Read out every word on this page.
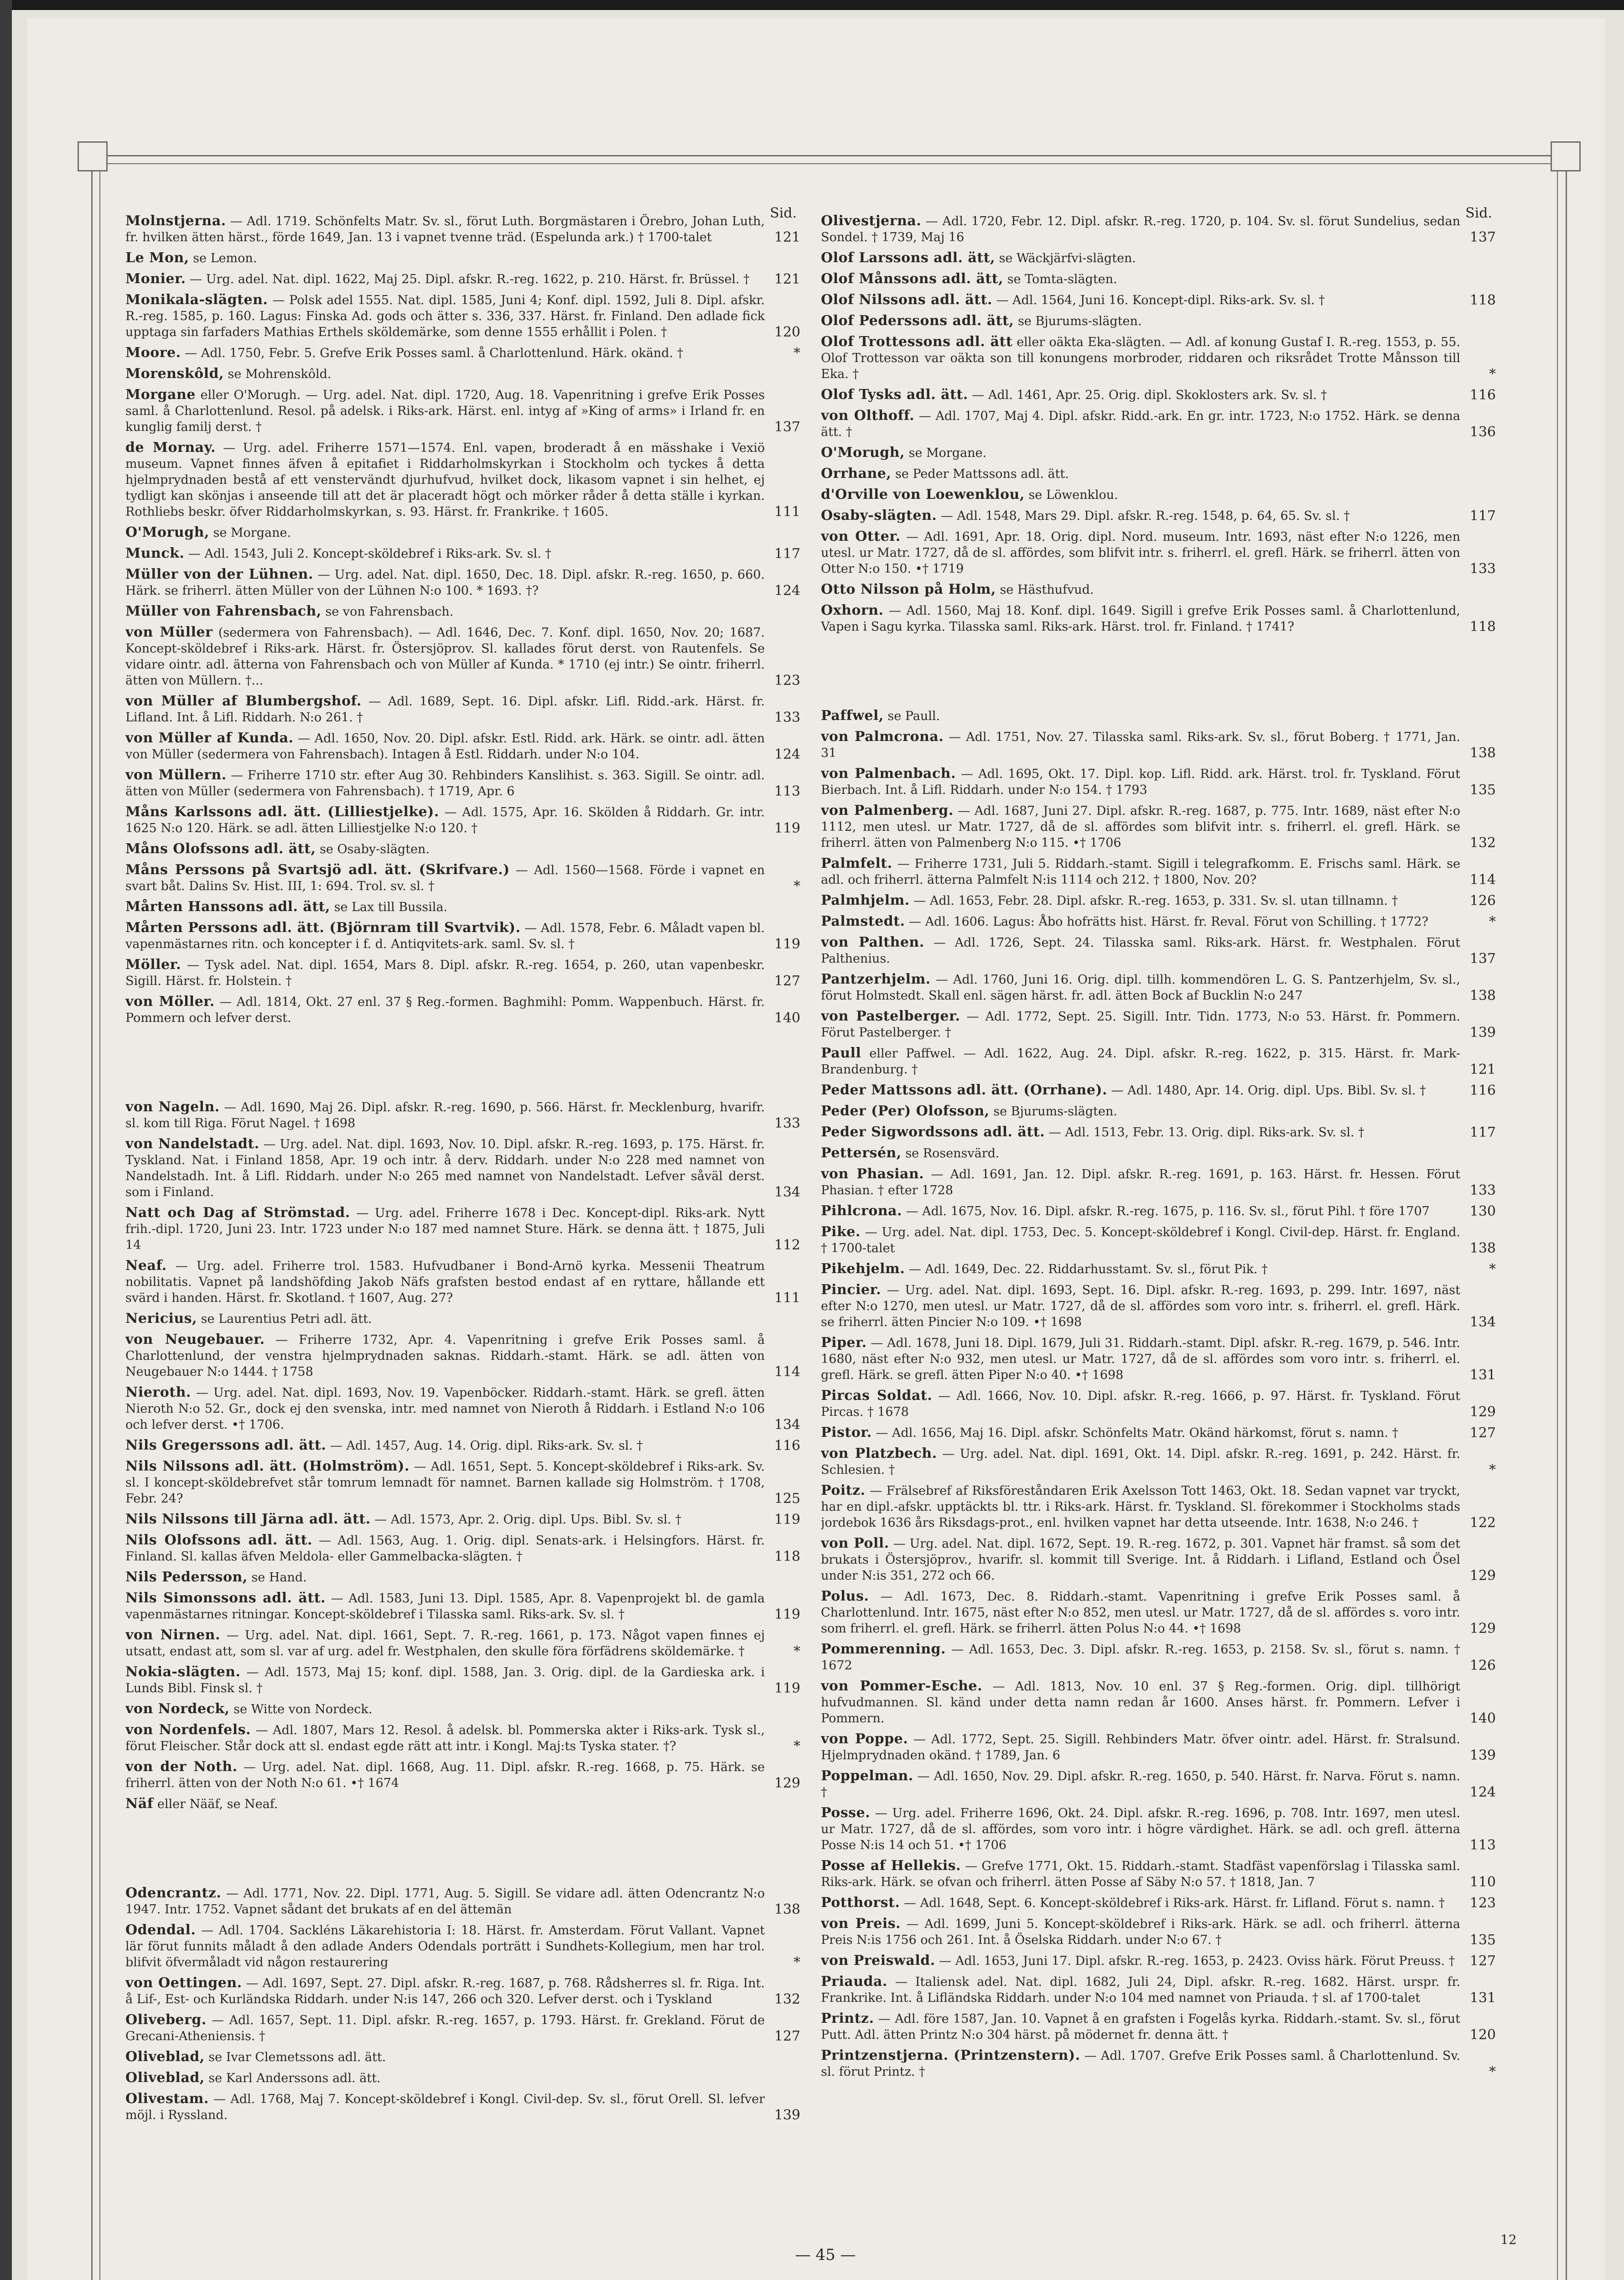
Sid.

Molnstjerna. — Adl. 1719. Schönfelts Matr. Sv. sl., förut Luth. Borgmästaren i Örebro, Johan Luth, fr. hvilken ätten härst., förde 1649, Jan. 13 i vapnet tvenne träd. (Espelunda ark.) † 1700-talet	121

Le Mon, se Lemon.

Monier. — Urg. adel. Nat. dipl. 1622, Maj 25. Dipl. afskr. R.-reg. 1622, p. 210. Härst. fr. Brüssel. †	121

Monikala-slägten. — Polsk adel 1555. Nat. dipl. 1585, Juni 4; Konf. dipl. 1592, Juli 8. Dipl. afskr. R.-reg. 1585, p. 160. Lagus: Finska Ad. gods och ätter s. 336, 337. Härst. fr. Finland. Den adlade fick upptaga sin farfaders Mathias Erthels sköldemärke, som denne 1555 erhållit i Polen. †	120

Moore. — Adl. 1750, Febr. 5. Grefve Erik Posses saml. å Charlottenlund. Härk. okänd. †	*

Morenskôld, se Mohrenskôld.

Morgane eller O'Morugh. — Urg. adel. Nat. dipl. 1720, Aug. 18. Vapenritning i grefve Erik Posses saml. å Charlottenlund. Resol. på adelsk. i Riks-ark. Härst. enl. intyg af »King of arms» i Irland fr. en kunglig familj derst. †	137

de Mornay. — Urg. adel. Friherre 1571—1574. Enl. vapen, broderadt å en mässhake i Vexiö museum. Vapnet finnes äfven å epitafiet i Riddarholmskyrkan i Stockholm och tyckes å detta hjelmprydnaden bestå af ett venstervändt djurhufvud, hvilket dock, likasom vapnet i sin helhet, ej tydligt kan skönjas i anseende till att det är placeradt högt och mörker råder å detta ställe i kyrkan. Rothliebs beskr. öfver Riddarholmskyrkan, s. 93. Härst. fr. Frankrike. † 1605.	111

O'Morugh, se Morgane.

Munck. — Adl. 1543, Juli 2. Koncept-sköldebref i Riks-ark. Sv. sl. †	117

Müller von der Lühnen. — Urg. adel. Nat. dipl. 1650, Dec. 18. Dipl. afskr. R.-reg. 1650, p. 660. Härk. se friherrl. ätten Müller von der Lühnen N:o 100. * 1693. †?	124

Müller von Fahrensbach, se von Fahrensbach.

von Müller (sedermera von Fahrensbach). — Adl. 1646, Dec. 7. Konf. dipl. 1650, Nov. 20; 1687. Koncept-sköldebref i Riks-ark. Härst. fr. Östersjöprov. Sl. kallades förut derst. von Rautenfels. Se vidare ointr. adl. ätterna von Fahrensbach och von Müller af Kunda. * 1710 (ej intr.) Se ointr. friherrl. ätten von Müllern. †...	123

von Müller af Blumbergshof. — Adl. 1689, Sept. 16. Dipl. afskr. Lifl. Ridd.-ark. Härst. fr. Lifland. Int. å Lifl. Riddarh. N:o 261. †	133

von Müller af Kunda. — Adl. 1650, Nov. 20. Dipl. afskr. Estl. Ridd. ark. Härk. se ointr. adl. ätten von Müller (sedermera von Fahrensbach). Intagen å Estl. Riddarh. under N:o 104.	124

von Müllern. — Friherre 1710 str. efter Aug 30. Rehbinders Kanslihist. s. 363. Sigill. Se ointr. adl. ätten von Müller (sedermera von Fahrensbach). † 1719, Apr. 6	113

Måns Karlssons adl. ätt. (Lilliestjelke). — Adl. 1575, Apr. 16. Skölden å Riddarh. Gr. intr. 1625 N:o 120. Härk. se adl. ätten Lilliestjelke N:o 120. †	119

Måns Olofssons adl. ätt, se Osaby-slägten.

Måns Perssons på Svartsjö adl. ätt. (Skrifvare.) — Adl. 1560—1568. Förde i vapnet en svart båt. Dalins Sv. Hist. III, 1: 694. Trol. sv. sl. †	*

Mårten Hanssons adl. ätt, se Lax till Bussila.

Mårten Perssons adl. ätt. (Björnram till Svartvik). — Adl. 1578, Febr. 6. Måladt vapen bl. vapenmästarnes ritn. och koncepter i f. d. Antiqvitets-ark. saml. Sv. sl. †	119

Möller. — Tysk adel. Nat. dipl. 1654, Mars 8. Dipl. afskr. R.-reg. 1654, p. 260, utan vapenbeskr. Sigill. Härst. fr. Holstein. †	127

von Möller. — Adl. 1814, Okt. 27 enl. 37 § Reg.-formen. Baghmihl: Pomm. Wappenbuch. Härst. fr. Pommern och lefver derst.	140

von Nageln. — Adl. 1690, Maj 26. Dipl. afskr. R.-reg. 1690, p. 566. Härst. fr. Mecklenburg, hvarifr. sl. kom till Riga. Förut Nagel. † 1698	133

von Nandelstadt. — Urg. adel. Nat. dipl. 1693, Nov. 10. Dipl. afskr. R.-reg. 1693, p. 175. Härst. fr. Tyskland. Nat. i Finland 1858, Apr. 19 och intr. å derv. Riddarh. under N:o 228 med namnet von Nandelstadh. Int. å Lifl. Riddarh. under N:o 265 med namnet von Nandelstadt. Lefver såväl derst. som i Finland.	134

Natt och Dag af Strömstad. — Urg. adel. Friherre 1678 i Dec. Koncept-dipl. Riks-ark. Nytt frih.-dipl. 1720, Juni 23. Intr. 1723 under N:o 187 med namnet Sture. Härk. se denna ätt. † 1875, Juli 14	112

Neaf. — Urg. adel. Friherre trol. 1583. Hufvudbaner i Bond-Arnö kyrka. Messenii Theatrum nobilitatis. Vapnet på landshöfding Jakob Näfs grafsten bestod endast af en ryttare, hållande ett svärd i handen. Härst. fr. Skotland. † 1607, Aug. 27?	111

Nericius, se Laurentius Petri adl. ätt.

von Neugebauer. — Friherre 1732, Apr. 4. Vapenritning i grefve Erik Posses saml. å Charlottenlund, der venstra hjelmprydnaden saknas. Riddarh.-stamt. Härk. se adl. ätten von Neugebauer N:o 1444. † 1758	114

Nieroth. — Urg. adel. Nat. dipl. 1693, Nov. 19. Vapenböcker. Riddarh.-stamt. Härk. se grefl. ätten Nieroth N:o 52. Gr., dock ej den svenska, intr. med namnet von Nieroth å Riddarh. i Estland N:o 106 och lefver derst. •† 1706.	134

Nils Gregerssons adl. ätt. — Adl. 1457, Aug. 14. Orig. dipl. Riks-ark. Sv. sl. †	116

Nils Nilssons adl. ätt. (Holmström). — Adl. 1651, Sept. 5. Koncept-sköldebref i Riks-ark. Sv. sl. I koncept-sköldebrefvet står tomrum lemnadt för namnet. Barnen kallade sig Holmström. † 1708, Febr. 24?	125

Nils Nilssons till Järna adl. ätt. — Adl. 1573, Apr. 2. Orig. dipl. Ups. Bibl. Sv. sl. †	119

Nils Olofssons adl. ätt. — Adl. 1563, Aug. 1. Orig. dipl. Senats-ark. i Helsingfors. Härst. fr. Finland. Sl. kallas äfven Meldola- eller Gammelbacka-slägten. †	118

Nils Pedersson, se Hand.

Nils Simonssons adl. ätt. — Adl. 1583, Juni 13. Dipl. 1585, Apr. 8. Vapenprojekt bl. de gamla vapenmästarnes ritningar. Koncept-sköldebref i Tilasska saml. Riks-ark. Sv. sl. †	119

von Nirnen. — Urg. adel. Nat. dipl. 1661, Sept. 7. R.-reg. 1661, p. 173. Något vapen finnes ej utsatt, endast att, som sl. var af urg. adel fr. Westphalen, den skulle föra förfädrens sköldemärke. †	*

Nokia-slägten. — Adl. 1573, Maj 15; konf. dipl. 1588, Jan. 3. Orig. dipl. de la Gardieska ark. i Lunds Bibl. Finsk sl. †	119

von Nordeck, se Witte von Nordeck.

von Nordenfels. — Adl. 1807, Mars 12. Resol. å adelsk. bl. Pommerska akter i Riks-ark. Tysk sl., förut Fleischer. Står dock att sl. endast egde rätt att intr. i Kongl. Maj:ts Tyska stater. †?	*

von der Noth. — Urg. adel. Nat. dipl. 1668, Aug. 11. Dipl. afskr. R.-reg. 1668, p. 75. Härk. se friherrl. ätten von der Noth N:o 61. •† 1674	129

Näf eller Nääf, se Neaf.

Odencrantz. — Adl. 1771, Nov. 22. Dipl. 1771, Aug. 5. Sigill. Se vidare adl. ätten Odencrantz N:o 1947. Intr. 1752. Vapnet sådant det brukats af en del ättemän	138

Odendal. — Adl. 1704. Sackléns Läkarehistoria I: 18. Härst. fr. Amsterdam. Förut Vallant. Vapnet lär förut funnits måladt å den adlade Anders Odendals porträtt i Sundhets-Kollegium, men har trol. blifvit öfvermåladt vid någon restaurering	*

von Oettingen. — Adl. 1697, Sept. 27. Dipl. afskr. R.-reg. 1687, p. 768. Rådsherres sl. fr. Riga. Int. å Lif-, Est- och Kurländska Riddarh. under N:is 147, 266 och 320. Lefver derst. och i Tyskland	132

Oliveberg. — Adl. 1657, Sept. 11. Dipl. afskr. R.-reg. 1657, p. 1793. Härst. fr. Grekland. Förut de Grecani-Atheniensis. †	127

Oliveblad, se Ivar Clemetssons adl. ätt.

Oliveblad, se Karl Anderssons adl. ätt.

Olivestam. — Adl. 1768, Maj 7. Koncept-sköldebref i Kongl. Civil-dep. Sv. sl., förut Orell. Sl. lefver möjl. i Ryssland.	139

Sid.

Olivestjerna. — Adl. 1720, Febr. 12. Dipl. afskr. R.-reg. 1720, p. 104. Sv. sl. förut Sundelius, sedan Sondel. † 1739, Maj 16	137

Olof Larssons adl. ätt, se Wäckjärfvi-slägten.

Olof Månssons adl. ätt, se Tomta-slägten.

Olof Nilssons adl. ätt. — Adl. 1564, Juni 16. Koncept-dipl. Riks-ark. Sv. sl. †	118

Olof Pederssons adl. ätt, se Bjurums-slägten.

Olof Trottessons adl. ätt eller oäkta Eka-slägten. — Adl. af konung Gustaf I. R.-reg. 1553, p. 55. Olof Trottesson var oäkta son till konungens morbroder, riddaren och riksrådet Trotte Månsson till Eka. †	*

Olof Tysks adl. ätt. — Adl. 1461, Apr. 25. Orig. dipl. Skoklosters ark. Sv. sl. †	116

von Olthoff. — Adl. 1707, Maj 4. Dipl. afskr. Ridd.-ark. En gr. intr. 1723, N:o 1752. Härk. se denna ätt. †	136

O'Morugh, se Morgane.

Orrhane, se Peder Mattssons adl. ätt.

d'Orville von Loewenklou, se Löwenklou.

Osaby-slägten. — Adl. 1548, Mars 29. Dipl. afskr. R.-reg. 1548, p. 64, 65. Sv. sl. †	117

von Otter. — Adl. 1691, Apr. 18. Orig. dipl. Nord. museum. Intr. 1693, näst efter N:o 1226, men utesl. ur Matr. 1727, då de sl. affördes, som blifvit intr. s. friherrl. el. grefl. Härk. se friherrl. ätten von Otter N:o 150. •† 1719	133

Otto Nilsson på Holm, se Hästhufvud.

Oxhorn. — Adl. 1560, Maj 18. Konf. dipl. 1649. Sigill i grefve Erik Posses saml. å Charlottenlund, Vapen i Sagu kyrka. Tilasska saml. Riks-ark. Härst. trol. fr. Finland. † 1741?	118

Paffwel, se Paull.

von Palmcrona. — Adl. 1751, Nov. 27. Tilasska saml. Riks-ark. Sv. sl., förut Boberg. † 1771, Jan. 31	138

von Palmenbach. — Adl. 1695, Okt. 17. Dipl. kop. Lifl. Ridd. ark. Härst. trol. fr. Tyskland. Förut Bierbach. Int. å Lifl. Riddarh. under N:o 154. † 1793	135

von Palmenberg. — Adl. 1687, Juni 27. Dipl. afskr. R.-reg. 1687, p. 775. Intr. 1689, näst efter N:o 1112, men utesl. ur Matr. 1727, då de sl. affördes som blifvit intr. s. friherrl. el. grefl. Härk. se friherrl. ätten von Palmenberg N:o 115. •† 1706	132

Palmfelt. — Friherre 1731, Juli 5. Riddarh.-stamt. Sigill i telegrafkomm. E. Frischs saml. Härk. se adl. och friherrl. ätterna Palmfelt N:is 1114 och 212. † 1800, Nov. 20?	114

Palmhjelm. — Adl. 1653, Febr. 28. Dipl. afskr. R.-reg. 1653, p. 331. Sv. sl. utan tillnamn. †	126

Palmstedt. — Adl. 1606. Lagus: Åbo hofrätts hist. Härst. fr. Reval. Förut von Schilling. † 1772?	*

von Palthen. — Adl. 1726, Sept. 24. Tilasska saml. Riks-ark. Härst. fr. Westphalen. Förut Palthenius.	137

Pantzerhjelm. — Adl. 1760, Juni 16. Orig. dipl. tillh. kommendören L. G. S. Pantzerhjelm, Sv. sl., förut Holmstedt. Skall enl. sägen härst. fr. adl. ätten Bock af Bucklin N:o 247	138

von Pastelberger. — Adl. 1772, Sept. 25. Sigill. Intr. Tidn. 1773, N:o 53. Härst. fr. Pommern. Förut Pastelberger. †	139

Paull eller Paffwel. — Adl. 1622, Aug. 24. Dipl. afskr. R.-reg. 1622, p. 315. Härst. fr. Mark-Brandenburg. †	121

Peder Mattssons adl. ätt. (Orrhane). — Adl. 1480, Apr. 14. Orig. dipl. Ups. Bibl. Sv. sl. †	116

Peder (Per) Olofsson, se Bjurums-slägten.

Peder Sigwordssons adl. ätt. — Adl. 1513, Febr. 13. Orig. dipl. Riks-ark. Sv. sl. †	117

Pettersén, se Rosensvärd.

von Phasian. — Adl. 1691, Jan. 12. Dipl. afskr. R.-reg. 1691, p. 163. Härst. fr. Hessen. Förut Phasian. † efter 1728	133

Pihlcrona. — Adl. 1675, Nov. 16. Dipl. afskr. R.-reg. 1675, p. 116. Sv. sl., förut Pihl. † före 1707	130

Pike. — Urg. adel. Nat. dipl. 1753, Dec. 5. Koncept-sköldebref i Kongl. Civil-dep. Härst. fr. England. † 1700-talet	138

Pikehjelm. — Adl. 1649, Dec. 22. Riddarhusstamt. Sv. sl., förut Pik. †	*

Pincier. — Urg. adel. Nat. dipl. 1693, Sept. 16. Dipl. afskr. R.-reg. 1693, p. 299. Intr. 1697, näst efter N:o 1270, men utesl. ur Matr. 1727, då de sl. affördes som voro intr. s. friherrl. el. grefl. Härk. se friherrl. ätten Pincier N:o 109. •† 1698	134

Piper. — Adl. 1678, Juni 18. Dipl. 1679, Juli 31. Riddarh.-stamt. Dipl. afskr. R.-reg. 1679, p. 546. Intr. 1680, näst efter N:o 932, men utesl. ur Matr. 1727, då de sl. affördes som voro intr. s. friherrl. el. grefl. Härk. se grefl. ätten Piper N:o 40. •† 1698	131

Pircas Soldat. — Adl. 1666, Nov. 10. Dipl. afskr. R.-reg. 1666, p. 97. Härst. fr. Tyskland. Förut Pircas. † 1678	129

Pistor. — Adl. 1656, Maj 16. Dipl. afskr. Schönfelts Matr. Okänd härkomst, förut s. namn. †	127

von Platzbech. — Urg. adel. Nat. dipl. 1691, Okt. 14. Dipl. afskr. R.-reg. 1691, p. 242. Härst. fr. Schlesien. †	*

Poitz. — Frälsebref af Riksföreståndaren Erik Axelsson Tott 1463, Okt. 18. Sedan vapnet var tryckt, har en dipl.-afskr. upptäckts bl. ttr. i Riks-ark. Härst. fr. Tyskland. Sl. förekommer i Stockholms stads jordebok 1636 års Riksdags-prot., enl. hvilken vapnet har detta utseende. Intr. 1638, N:o 246. †	122

von Poll. — Urg. adel. Nat. dipl. 1672, Sept. 19. R.-reg. 1672, p. 301. Vapnet här framst. så som det brukats i Östersjöprov., hvarifr. sl. kommit till Sverige. Int. å Riddarh. i Lifland, Estland och Ösel under N:is 351, 272 och 66.	129

Polus. — Adl. 1673, Dec. 8. Riddarh.-stamt. Vapenritning i grefve Erik Posses saml. å Charlottenlund. Intr. 1675, näst efter N:o 852, men utesl. ur Matr. 1727, då de sl. affördes s. voro intr. som friherrl. el. grefl. Härk. se friherrl. ätten Polus N:o 44. •† 1698	129

Pommerenning. — Adl. 1653, Dec. 3. Dipl. afskr. R.-reg. 1653, p. 2158. Sv. sl., förut s. namn. † 1672	126

von Pommer-Esche. — Adl. 1813, Nov. 10 enl. 37 § Reg.-formen. Orig. dipl. tillhörigt hufvudmannen. Sl. känd under detta namn redan år 1600. Anses härst. fr. Pommern. Lefver i Pommern.	140

von Poppe. — Adl. 1772, Sept. 25. Sigill. Rehbinders Matr. öfver ointr. adel. Härst. fr. Stralsund. Hjelmprydnaden okänd. † 1789, Jan. 6	139

Poppelman. — Adl. 1650, Nov. 29. Dipl. afskr. R.-reg. 1650, p. 540. Härst. fr. Narva. Förut s. namn. †	124

Posse. — Urg. adel. Friherre 1696, Okt. 24. Dipl. afskr. R.-reg. 1696, p. 708. Intr. 1697, men utesl. ur Matr. 1727, då de sl. affördes, som voro intr. i högre värdighet. Härk. se adl. och grefl. ätterna Posse N:is 14 och 51. •† 1706	113

Posse af Hellekis. — Grefve 1771, Okt. 15. Riddarh.-stamt. Stadfäst vapenförslag i Tilasska saml. Riks-ark. Härk. se ofvan och friherrl. ätten Posse af Säby N:o 57. † 1818, Jan. 7	110

Potthorst. — Adl. 1648, Sept. 6. Koncept-sköldebref i Riks-ark. Härst. fr. Lifland. Förut s. namn. †	123

von Preis. — Adl. 1699, Juni 5. Koncept-sköldebref i Riks-ark. Härk. se adl. och friherrl. ätterna Preis N:is 1756 och 261. Int. å Öselska Riddarh. under N:o 67. †	135

von Preiswald. — Adl. 1653, Juni 17. Dipl. afskr. R.-reg. 1653, p. 2423. Oviss härk. Förut Preuss. †	127

Priauda. — Italiensk adel. Nat. dipl. 1682, Juli 24, Dipl. afskr. R.-reg. 1682. Härst. urspr. fr. Frankrike. Int. å Lifländska Riddarh. under N:o 104 med namnet von Priauda. † sl. af 1700-talet	131

Printz. — Adl. före 1587, Jan. 10. Vapnet å en grafsten i Fogelås kyrka. Riddarh.-stamt. Sv. sl., förut Putt. Adl. ätten Printz N:o 304 härst. på mödernet fr. denna ätt. †	120

Printzenstjerna. (Printzenstern). — Adl. 1707. Grefve Erik Posses saml. å Charlottenlund. Sv. sl. förut Printz. †	*

— 45 —
12
